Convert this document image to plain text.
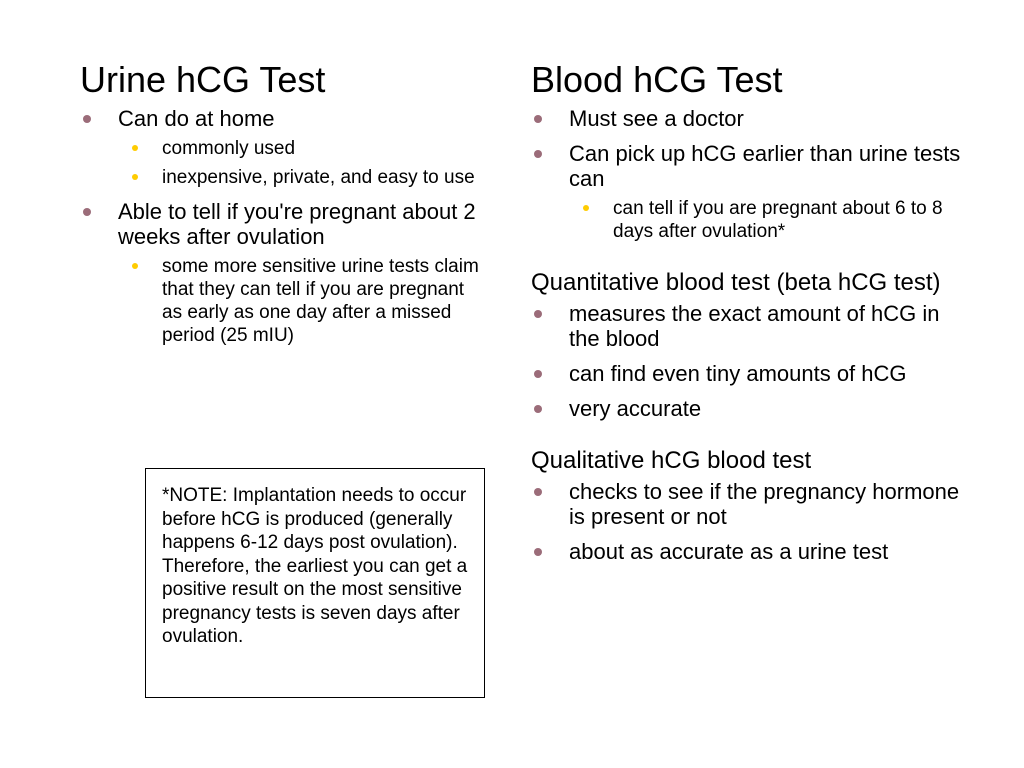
Urine hCG Test
Can do at home
commonly used
inexpensive, private, and easy to use
Able to tell if you're pregnant about 2 weeks after ovulation
some more sensitive urine tests claim that they can tell if you are pregnant as early as one day after a missed period (25 mIU)
Blood hCG Test
Must see a doctor
Can pick up hCG earlier than urine tests can
can tell if you are pregnant about 6 to 8 days after ovulation*
Quantitative blood test (beta hCG test)
measures the exact amount of hCG in the blood
can find even tiny amounts of hCG
very accurate
Qualitative hCG blood test
checks to see if the pregnancy hormone is present or not
about as accurate as a urine test
*NOTE: Implantation needs to occur before hCG is produced (generally happens 6-12 days post ovulation). Therefore, the earliest you can get a positive result on the most sensitive pregnancy tests is seven days after ovulation.
